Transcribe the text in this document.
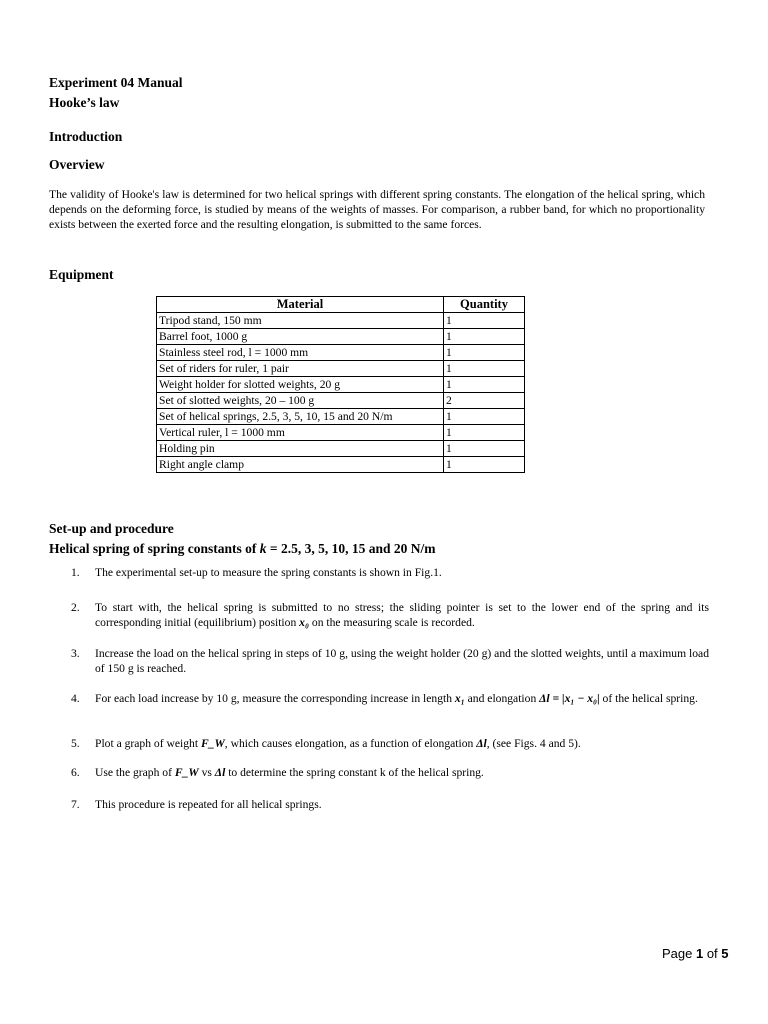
Experiment 04 Manual

Hooke’s law

Introduction

Overview

The validity of Hooke's law is determined for two helical springs with different spring constants. The elongation of the helical spring, which depends on the deforming force, is studied by means of the weights of masses. For comparison, a rubber band, for which no proportionality exists between the exerted force and the resulting elongation, is submitted to the same forces.

Equipment

Material	Quantity
Tripod stand, 150 mm	1
Barrel foot, 1000 g	1
Stainless steel rod, l = 1000 mm	1
Set of riders for ruler, 1 pair	1
Weight holder for slotted weights, 20 g	1
Set of slotted weights, 20 – 100 g	2
Set of helical springs, 2.5, 3, 5, 10, 15 and 20 N/m	1
Vertical ruler, l = 1000 mm	1
Holding pin	1
Right angle clamp	1

Set-up and procedure

Helical spring of spring constants of k = 2.5, 3, 5, 10, 15 and 20 N/m

1. The experimental set-up to measure the spring constants is shown in Fig.1.
2. To start with, the helical spring is submitted to no stress; the sliding pointer is set to the lower end of the spring and its corresponding initial (equilibrium) position x₀ on the measuring scale is recorded.
3. Increase the load on the helical spring in steps of 10 g, using the weight holder (20 g) and the slotted weights, until a maximum load of 150 g is reached.
4. For each load increase by 10 g, measure the corresponding increase in length x₁ and elongation Δl = |x₁ − x₀| of the helical spring.
5. Plot a graph of weight F_W, which causes elongation, as a function of elongation Δl, (see Figs. 4 and 5).
6. Use the graph of F_W vs Δl to determine the spring constant k of the helical spring.
7. This procedure is repeated for all helical springs.
Page 1 of 5
